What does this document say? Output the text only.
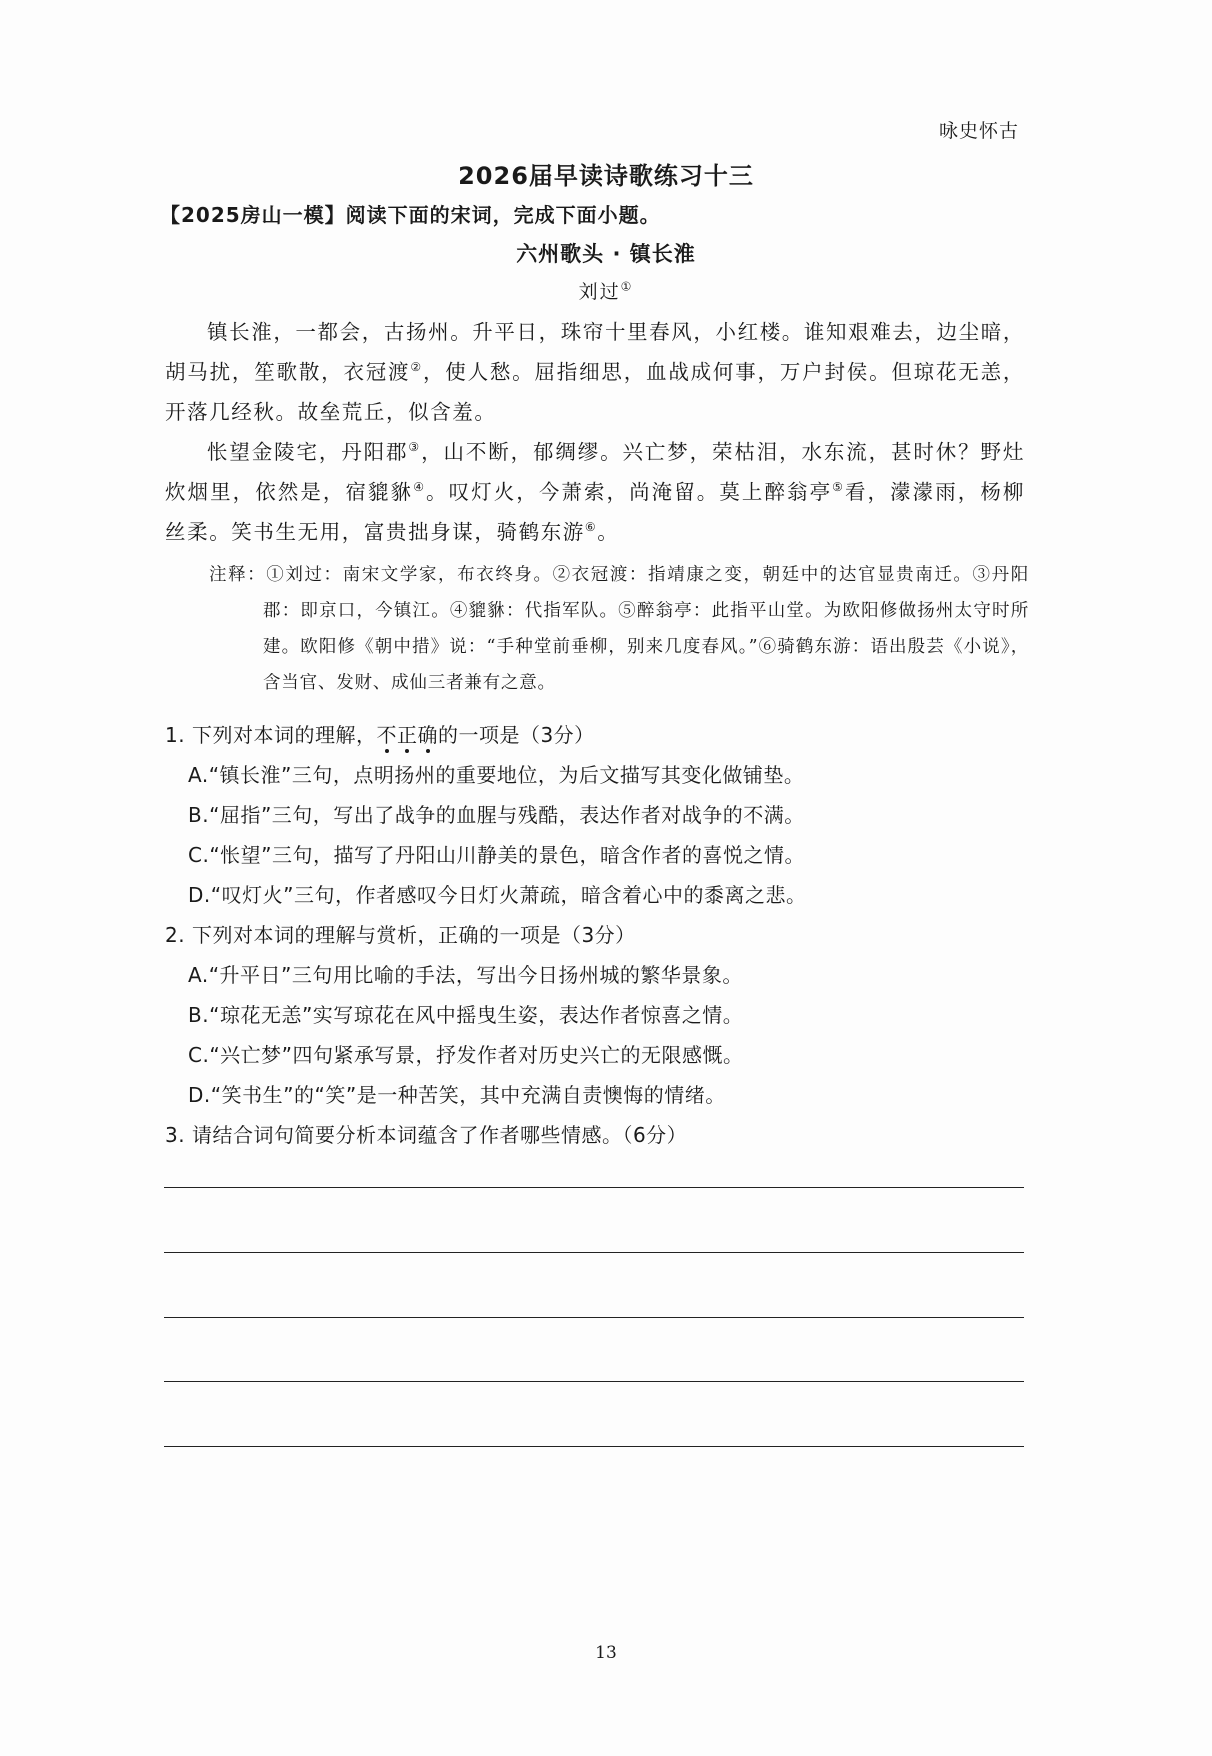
咏史怀古
2026届早读诗歌练习十三
【2025房山一模】阅读下面的宋词，完成下面小题。
六州歌头 · 镇长淮
刘过①
镇长淮，一都会，古扬州。升平日，珠帘十里春风，小红楼。谁知艰难去，边尘暗，胡马扰，笙歌散，衣冠渡②，使人愁。屈指细思，血战成何事，万户封侯。但琼花无恙，开落几经秋。故垒荒丘，似含羞。
怅望金陵宅，丹阳郡③，山不断，郁绸缪。兴亡梦，荣枯泪，水东流，甚时休？野灶炊烟里，依然是，宿貔貅④。叹灯火，今萧索，尚淹留。莫上醉翁亭⑤看，濛濛雨，杨柳丝柔。笑书生无用，富贵拙身谋，骑鹤东游⑥。
注释：①刘过：南宋文学家，布衣终身。②衣冠渡：指靖康之变，朝廷中的达官显贵南迁。③丹阳郡：即京口，今镇江。④貔貅：代指军队。⑤醉翁亭：此指平山堂。为欧阳修做扬州太守时所建。欧阳修《朝中措》说：“手种堂前垂柳，别来几度春风。”⑥骑鹤东游：语出殷芸《小说》，含当官、发财、成仙三者兼有之意。
1. 下列对本词的理解，不正确的一项是（3分）
A.“镇长淮”三句，点明扬州的重要地位，为后文描写其变化做铺垫。
B.“屈指”三句，写出了战争的血腥与残酷，表达作者对战争的不满。
C.“怅望”三句，描写了丹阳山川静美的景色，暗含作者的喜悦之情。
D.“叹灯火”三句，作者感叹今日灯火萧疏，暗含着心中的黍离之悲。
2. 下列对本词的理解与赏析，正确的一项是（3分）
A.“升平日”三句用比喻的手法，写出今日扬州城的繁华景象。
B.“琼花无恙”实写琼花在风中摇曳生姿，表达作者惊喜之情。
C.“兴亡梦”四句紧承写景，抒发作者对历史兴亡的无限感慨。
D.“笑书生”的“笑”是一种苦笑，其中充满自责懊悔的情绪。
3. 请结合词句简要分析本词蕴含了作者哪些情感。（6分）
13
